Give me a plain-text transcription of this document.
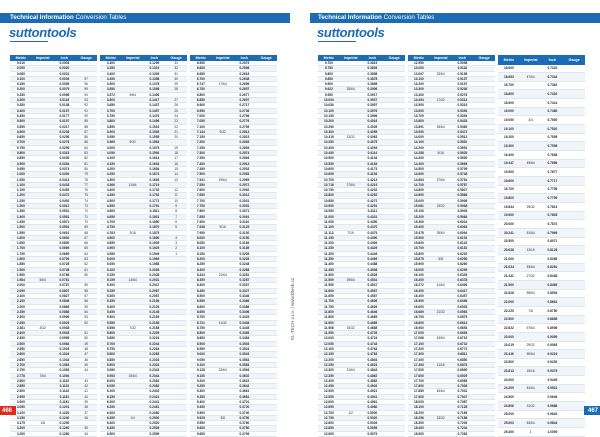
Technical Information Conversion Tables
suttontools
Metric	Imperial	Inch	Gauge
0.010		0.0004	
0.050		0.0020	
0.080		0.0031	
0.100		0.0039	97
0.150		0.0059	96
0.200		0.0079	95
0.250		0.0098	94
0.300		0.0118	93
0.350		0.0138	92
0.400		0.0157	91
0.450		0.0177	90
0.500		0.0197	89
0.550		0.0217	88
0.600		0.0236	87
0.650		0.0256	86
0.700		0.0276	85
0.750		0.0295	84
0.800		0.0315	83
0.850		0.0335	82
0.900		0.0354	81
0.950		0.0374	80
1.000		0.0394	79
1.050		0.0413	78
1.100		0.0433	77
1.150		0.0453	76
1.200		0.0472	75
1.250		0.0492	74
1.300		0.0512	73
1.350		0.0531	72
1.400		0.0551	71
1.450		0.0571	70
1.500		0.0591	69
1.550		0.0610	68
1.600		0.0630	67
1.650		0.0650	66
1.700		0.0669	65
1.750		0.0689	64
1.800		0.0709	63
1.850		0.0728	62
1.900		0.0748	61
1.950		0.0768	60
1.984	5/64	0.0781	
2.000		0.0787	59
2.050		0.0807	58
2.100		0.0827	57
2.150		0.0846	56
2.200		0.0866	55
2.250		0.0886	54
2.300		0.0906	53
2.350		0.0925	52
2.381	3/32	0.0938	
2.400		0.0945	51
2.450		0.0965	50
2.500		0.0984	49
2.550		0.1004	48
2.600		0.1024	47
2.650		0.1043	46
2.700		0.1063	45
2.750		0.1083	44
2.778	7/64	0.1094	
2.800		0.1102	43
2.850		0.1122	42
2.900		0.1142	41
2.950		0.1161	40
3.000		0.1181	39
3.050		0.1201	38
3.100		0.1220	37
3.150		0.1240	36
3.175	1/8	0.1250	
3.200		0.1260	35
3.250		0.1280	34
Metric	Imperial	Inch	Gauge
3.300		0.1299	33
3.350		0.1319	32
3.400		0.1339	31
3.450		0.1358	30
3.500		0.1378	29
3.550		0.1398	28
3.572	9/64	0.1406	
3.600		0.1417	27
3.650		0.1437	26
3.700		0.1457	25
3.750		0.1476	24
3.800		0.1496	23
3.850		0.1516	22
3.900		0.1535	21
3.950		0.1555	20
3.969	5/32	0.1563	
4.000		0.1575	19
4.050		0.1594	18
4.100		0.1614	17
4.150		0.1634	16
4.200		0.1654	15
4.250		0.1673	14
4.300		0.1693	13
4.366	11/64	0.1719	
4.400		0.1732	12
4.450		0.1752	11
4.500		0.1772	10
4.550		0.1791	9
4.600		0.1811	8
4.650		0.1831	7
4.700		0.1850	6
4.750		0.1870	5
4.763	3/16	0.1875	
4.800		0.1890	4
4.850		0.1909	3
4.900		0.1929	2
4.950		0.1949	1
5.000		0.1969	
5.050		0.1988	
5.100		0.2008	
5.150		0.2028	
5.159	13/64	0.2031	
5.200		0.2047	
5.250		0.2067	
5.300		0.2087	
5.350		0.2106	
5.400		0.2126	
5.450		0.2146	
5.500		0.2165	
5.550		0.2185	
5.556	7/32	0.2188	
5.600		0.2205	
5.650		0.2224	
5.700		0.2244	
5.750		0.2264	
5.800		0.2283	
5.850		0.2303	
5.900		0.2323	
5.950		0.2343	
5.953	15/64	0.2344	
6.000		0.2362	
6.050		0.2382	
6.100		0.2402	
6.150		0.2421	
6.200		0.2441	
6.250		0.2461	
6.300		0.2480	
6.350	1/4	0.2500	
6.400		0.2520	
6.450		0.2539	
6.500		0.2559	
Metric	Imperial	Inch	Gauge
6.550		0.2579	
6.600		0.2598	
6.650		0.2618	
6.700		0.2638	
6.747	17/64	0.2656	
6.750		0.2657	
6.800		0.2677	
6.850		0.2697	
6.900		0.2717	
6.950		0.2736	
7.000		0.2756	
7.050		0.2776	
7.100		0.2795	
7.144	9/32	0.2813	
7.150		0.2815	
7.200		0.2835	
7.250		0.2854	
7.300		0.2874	
7.350		0.2894	
7.400		0.2913	
7.450		0.2933	
7.500		0.2953	
7.541	19/64	0.2969	
7.550		0.2972	
7.600		0.2992	
7.650		0.3012	
7.700		0.3031	
7.750		0.3051	
7.800		0.3071	
7.850		0.3091	
7.900		0.3110	
7.938	5/16	0.3125	
7.950		0.3130	
8.000		0.3150	
8.050		0.3169	
8.100		0.3189	
8.150		0.3209	
8.200		0.3228	
8.250		0.3248	
8.300		0.3268	
8.334	21/64	0.3281	
8.350		0.3287	
8.400		0.3307	
8.450		0.3327	
8.500		0.3346	
8.550		0.3366	
8.600		0.3386	
8.650		0.3406	
8.700		0.3425	
8.731	11/32	0.3438	
8.750		0.3445	
8.800		0.3465	
8.850		0.3484	
8.900		0.3504	
8.950		0.3524	
9.000		0.3543	
9.050		0.3563	
9.100		0.3583	
9.128	23/64	0.3594	
9.150		0.3602	
9.200		0.3622	
9.250		0.3642	
9.300		0.3661	
9.350		0.3681	
9.400		0.3701	
9.450		0.3720	
9.500		0.3740	
9.525	3/8	0.3750	
9.550		0.3760	
9.600		0.3780	
9.650		0.3799	
466
Technical Information Conversion Tables
suttontools
Metric	Imperial	Inch	Gauge
9.700		0.3819	
9.750		0.3839	
9.800		0.3858	
9.850		0.3878	
9.900		0.3898	
9.922	25/64	0.3906	
9.950		0.3917	
10.000		0.3937	
10.050		0.3957	
10.100		0.3976	
10.150		0.3996	
10.200		0.4016	
10.250		0.4035	
10.300		0.4055	
10.319	13/32	0.4063	
10.350		0.4075	
10.400		0.4094	
10.450		0.4114	
10.500		0.4134	
10.550		0.4154	
10.600		0.4173	
10.650		0.4193	
10.700		0.4213	
10.716	27/64	0.4219	
10.750		0.4232	
10.800		0.4252	
10.850		0.4272	
10.900		0.4291	
10.950		0.4311	
11.000		0.4331	
11.050		0.4350	
11.100		0.4370	
11.113	7/16	0.4375	
11.150		0.4390	
11.200		0.4409	
11.250		0.4429	
11.300		0.4449	
11.350		0.4469	
11.400		0.4488	
11.450		0.4508	
11.500		0.4528	
11.509	29/64	0.4531	
11.550		0.4547	
11.600		0.4567	
11.650		0.4587	
11.700		0.4606	
11.750		0.4626	
11.800		0.4646	
11.850		0.4665	
11.900		0.4685	
11.906	15/32	0.4688	
11.950		0.4705	
12.000		0.4724	
12.050		0.4744	
12.100		0.4764	
12.150		0.4783	
12.200		0.4803	
12.250		0.4823	
12.300	31/64	0.4843	
12.350		0.4862	
12.400		0.4882	
12.450		0.4902	
12.500		0.4921	
12.550		0.4941	
12.600		0.4961	
12.650		0.4980	
12.700	1/2	0.5000	
12.750		0.5020	
12.800		0.5039	
12.850		0.5059	
12.900		0.5079	
Metric	Imperial	Inch	Gauge
12.950		0.5098	
13.000		0.5118	
13.097	33/64	0.5156	
13.100		0.5157	
13.200		0.5197	
13.300		0.5236	
13.400		0.5276	
13.494	17/32	0.5313	
13.500		0.5315	
13.600		0.5354	
13.700		0.5394	
13.800		0.5433	
13.891	35/64	0.5469	
13.900		0.5472	
14.000		0.5512	
14.100		0.5551	
14.200		0.5591	
14.288	9/16	0.5625	
14.300		0.5630	
14.400		0.5669	
14.500		0.5709	
14.600		0.5748	
14.684	37/64	0.5781	
14.700		0.5787	
14.800		0.5827	
14.900		0.5866	
15.000		0.5906	
15.081	19/32	0.5938	
15.100		0.5945	
15.200		0.5984	
15.300		0.6024	
15.400		0.6063	
15.478	39/64	0.6094	
15.500		0.6102	
15.600		0.6142	
15.700		0.6181	
15.800		0.6220	
15.875	5/8	0.6250	
15.900		0.6260	
16.000		0.6299	
16.100		0.6339	
16.200		0.6378	
16.272	41/64	0.6406	
16.300		0.6417	
16.400		0.6457	
16.500		0.6496	
16.600		0.6535	
16.669	21/32	0.6563	
16.700		0.6575	
16.800		0.6614	
16.900		0.6654	
17.000		0.6693	
17.066	43/64	0.6719	
17.100		0.6732	
17.200		0.6772	
17.300		0.6811	
17.400		0.6850	
17.463	11/16	0.6875	
17.500		0.6890	
17.600		0.6929	
17.700		0.6969	
17.800		0.7008	
17.859	45/64	0.7031	
17.900		0.7047	
18.000		0.7087	
18.100		0.7126	
18.200		0.7165	
18.256	23/32	0.7188	
18.300		0.7205	
18.400		0.7244	
18.500		0.7283	
Metric	Imperial	Inch	Gauge
18.600		0.7323	
18.653	47/64	0.7344	
18.700		0.7362	
18.800		0.7402	
18.900		0.7441	
19.000		0.7480	
19.050	3/4	0.7500	
19.100		0.7520	
19.200		0.7559	
19.300		0.7598	
19.400		0.7638	
19.447	49/64	0.7656	
19.500		0.7677	
19.600		0.7717	
19.700		0.7756	
19.800		0.7795	
19.844	25/32	0.7813	
19.900		0.7835	
20.000		0.7874	
20.241	51/64	0.7969	
20.500		0.8071	
20.638	13/16	0.8125	
21.000		0.8268	
21.034	53/64	0.8281	
21.431	27/32	0.8438	
21.500		0.8465	
21.828	55/64	0.8594	
22.000		0.8661	
22.225	7/8	0.8750	
22.500		0.8858	
22.622	57/64	0.8906	
23.000		0.9055	
23.019	29/32	0.9063	
23.416	59/64	0.9219	
23.500		0.9252	
23.813	15/16	0.9375	
24.000		0.9449	
24.209	61/64	0.9531	
24.500		0.9646	
24.606	31/32	0.9688	
25.000		0.9843	
25.003	63/64	0.9844	
25.400	1	1.0000	
467
KL-TECH s.r.o. | www.kltech.cz
